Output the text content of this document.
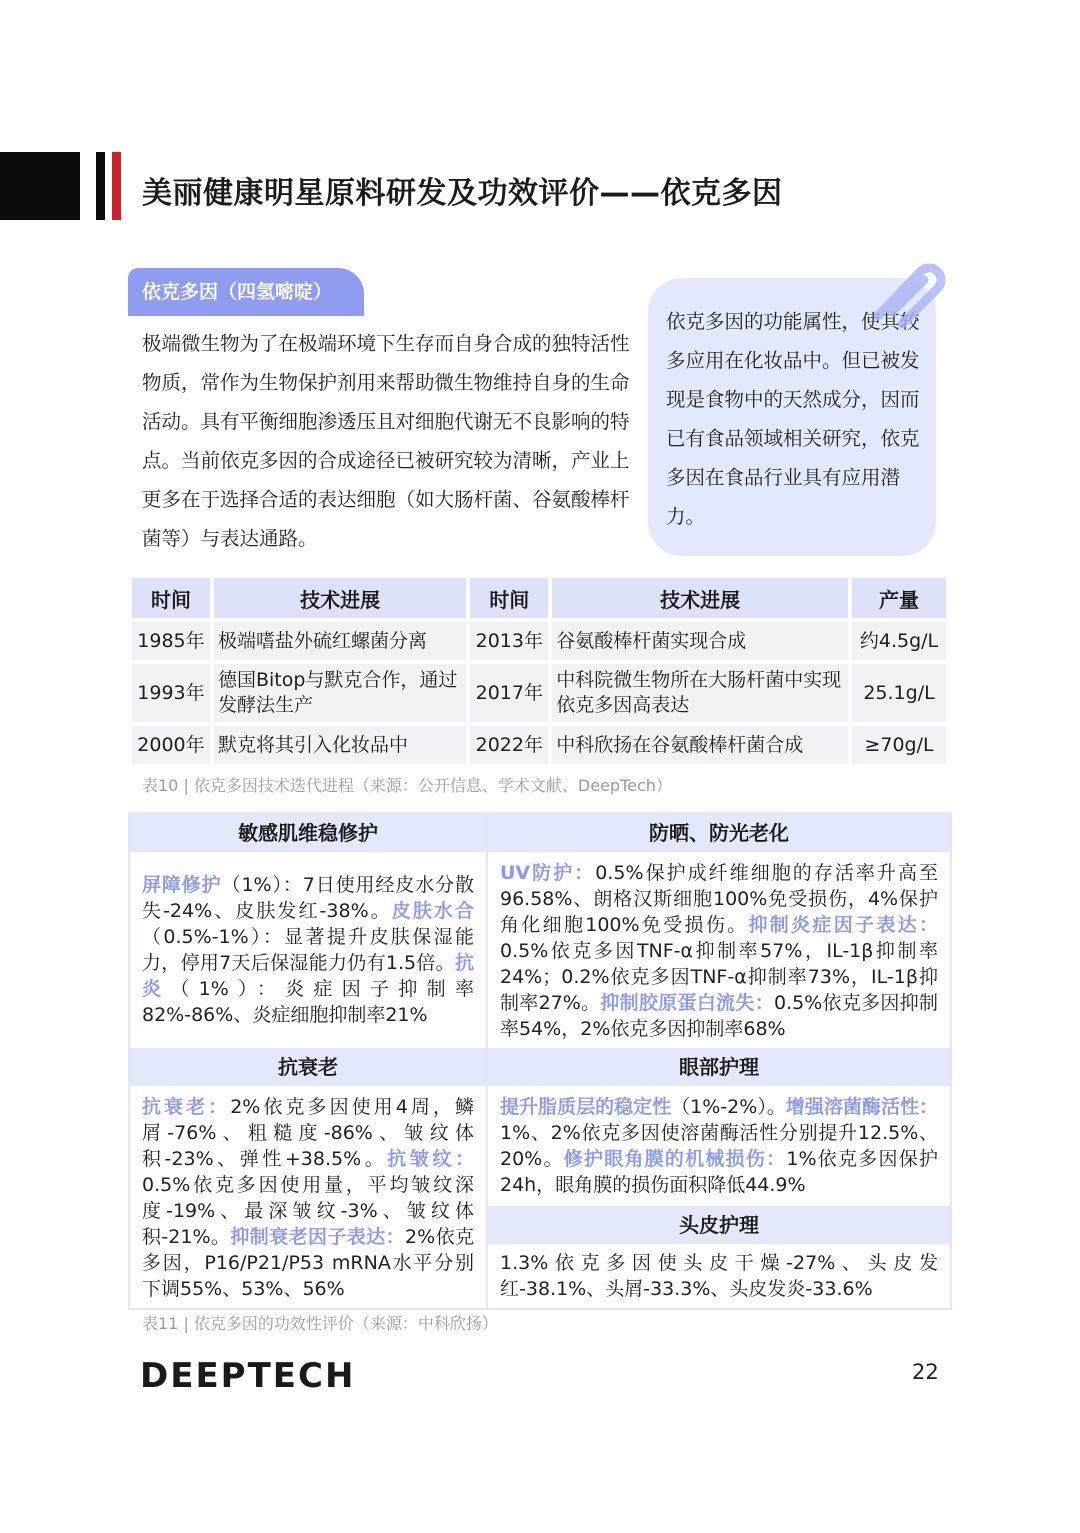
美丽健康明星原料研发及功效评价——依克多因
依克多因（四氢嘧啶）
极端微生物为了在极端环境下生存而自身合成的独特活性物质，常作为生物保护剂用来帮助微生物维持自身的生命活动。具有平衡细胞渗透压且对细胞代谢无不良影响的特点。当前依克多因的合成途径已被研究较为清晰，产业上更多在于选择合适的表达细胞（如大肠杆菌、谷氨酸棒杆菌等）与表达通路。
依克多因的功能属性，使其较多应用在化妆品中。但已被发现是食物中的天然成分，因而已有食品领域相关研究，依克多因在食品行业具有应用潜力。
时间	技术进展	时间	技术进展	产量
1985年	极端嗜盐外硫红螺菌分离	2013年	谷氨酸棒杆菌实现合成	约4.5g/L
1993年	德国Bitop与默克合作，通过发酵法生产	2017年	中科院微生物所在大肠杆菌中实现依克多因高表达	25.1g/L
2000年	默克将其引入化妆品中	2022年	中科欣扬在谷氨酸棒杆菌合成	≥70g/L
表10 | 依克多因技术迭代进程（来源：公开信息、学术文献、DeepTech）
敏感肌维稳修护
屏障修护（1%）：7日使用经皮水分散失-24%、皮肤发红-38%。皮肤水合（0.5%-1%）：显著提升皮肤保湿能力，停用7天后保湿能力仍有1.5倍。抗炎（1%）：炎症因子抑制率82%-86%、炎症细胞抑制率21%
抗衰老
抗衰老：2%依克多因使用4周，鳞屑-76%、粗糙度-86%、皱纹体积-23%、弹性+38.5%。抗皱纹：0.5%依克多因使用量，平均皱纹深度-19%、最深皱纹-3%、皱纹体积-21%。抑制衰老因子表达：2%依克多因，P16/P21/P53 mRNA水平分别下调55%、53%、56%
防晒、防光老化
UV防护：0.5%保护成纤维细胞的存活率升高至96.58%、朗格汉斯细胞100%免受损伤，4%保护角化细胞100%免受损伤。抑制炎症因子表达：0.5%依克多因TNF-α抑制率57%，IL-1β抑制率24%；0.2%依克多因TNF-α抑制率73%，IL-1β抑制率27%。抑制胶原蛋白流失：0.5%依克多因抑制率54%，2%依克多因抑制率68%
眼部护理
提升脂质层的稳定性（1%-2%）。增强溶菌酶活性：1%、2%依克多因使溶菌酶活性分别提升12.5%、20%。修护眼角膜的机械损伤：1%依克多因保护24h，眼角膜的损伤面积降低44.9%
头皮护理
1.3%依克多因使头皮干燥-27%、头皮发红-38.1%、头屑-33.3%、头皮发炎-33.6%
表11 | 依克多因的功效性评价（来源：中科欣扬）
DEEPTECH	22
